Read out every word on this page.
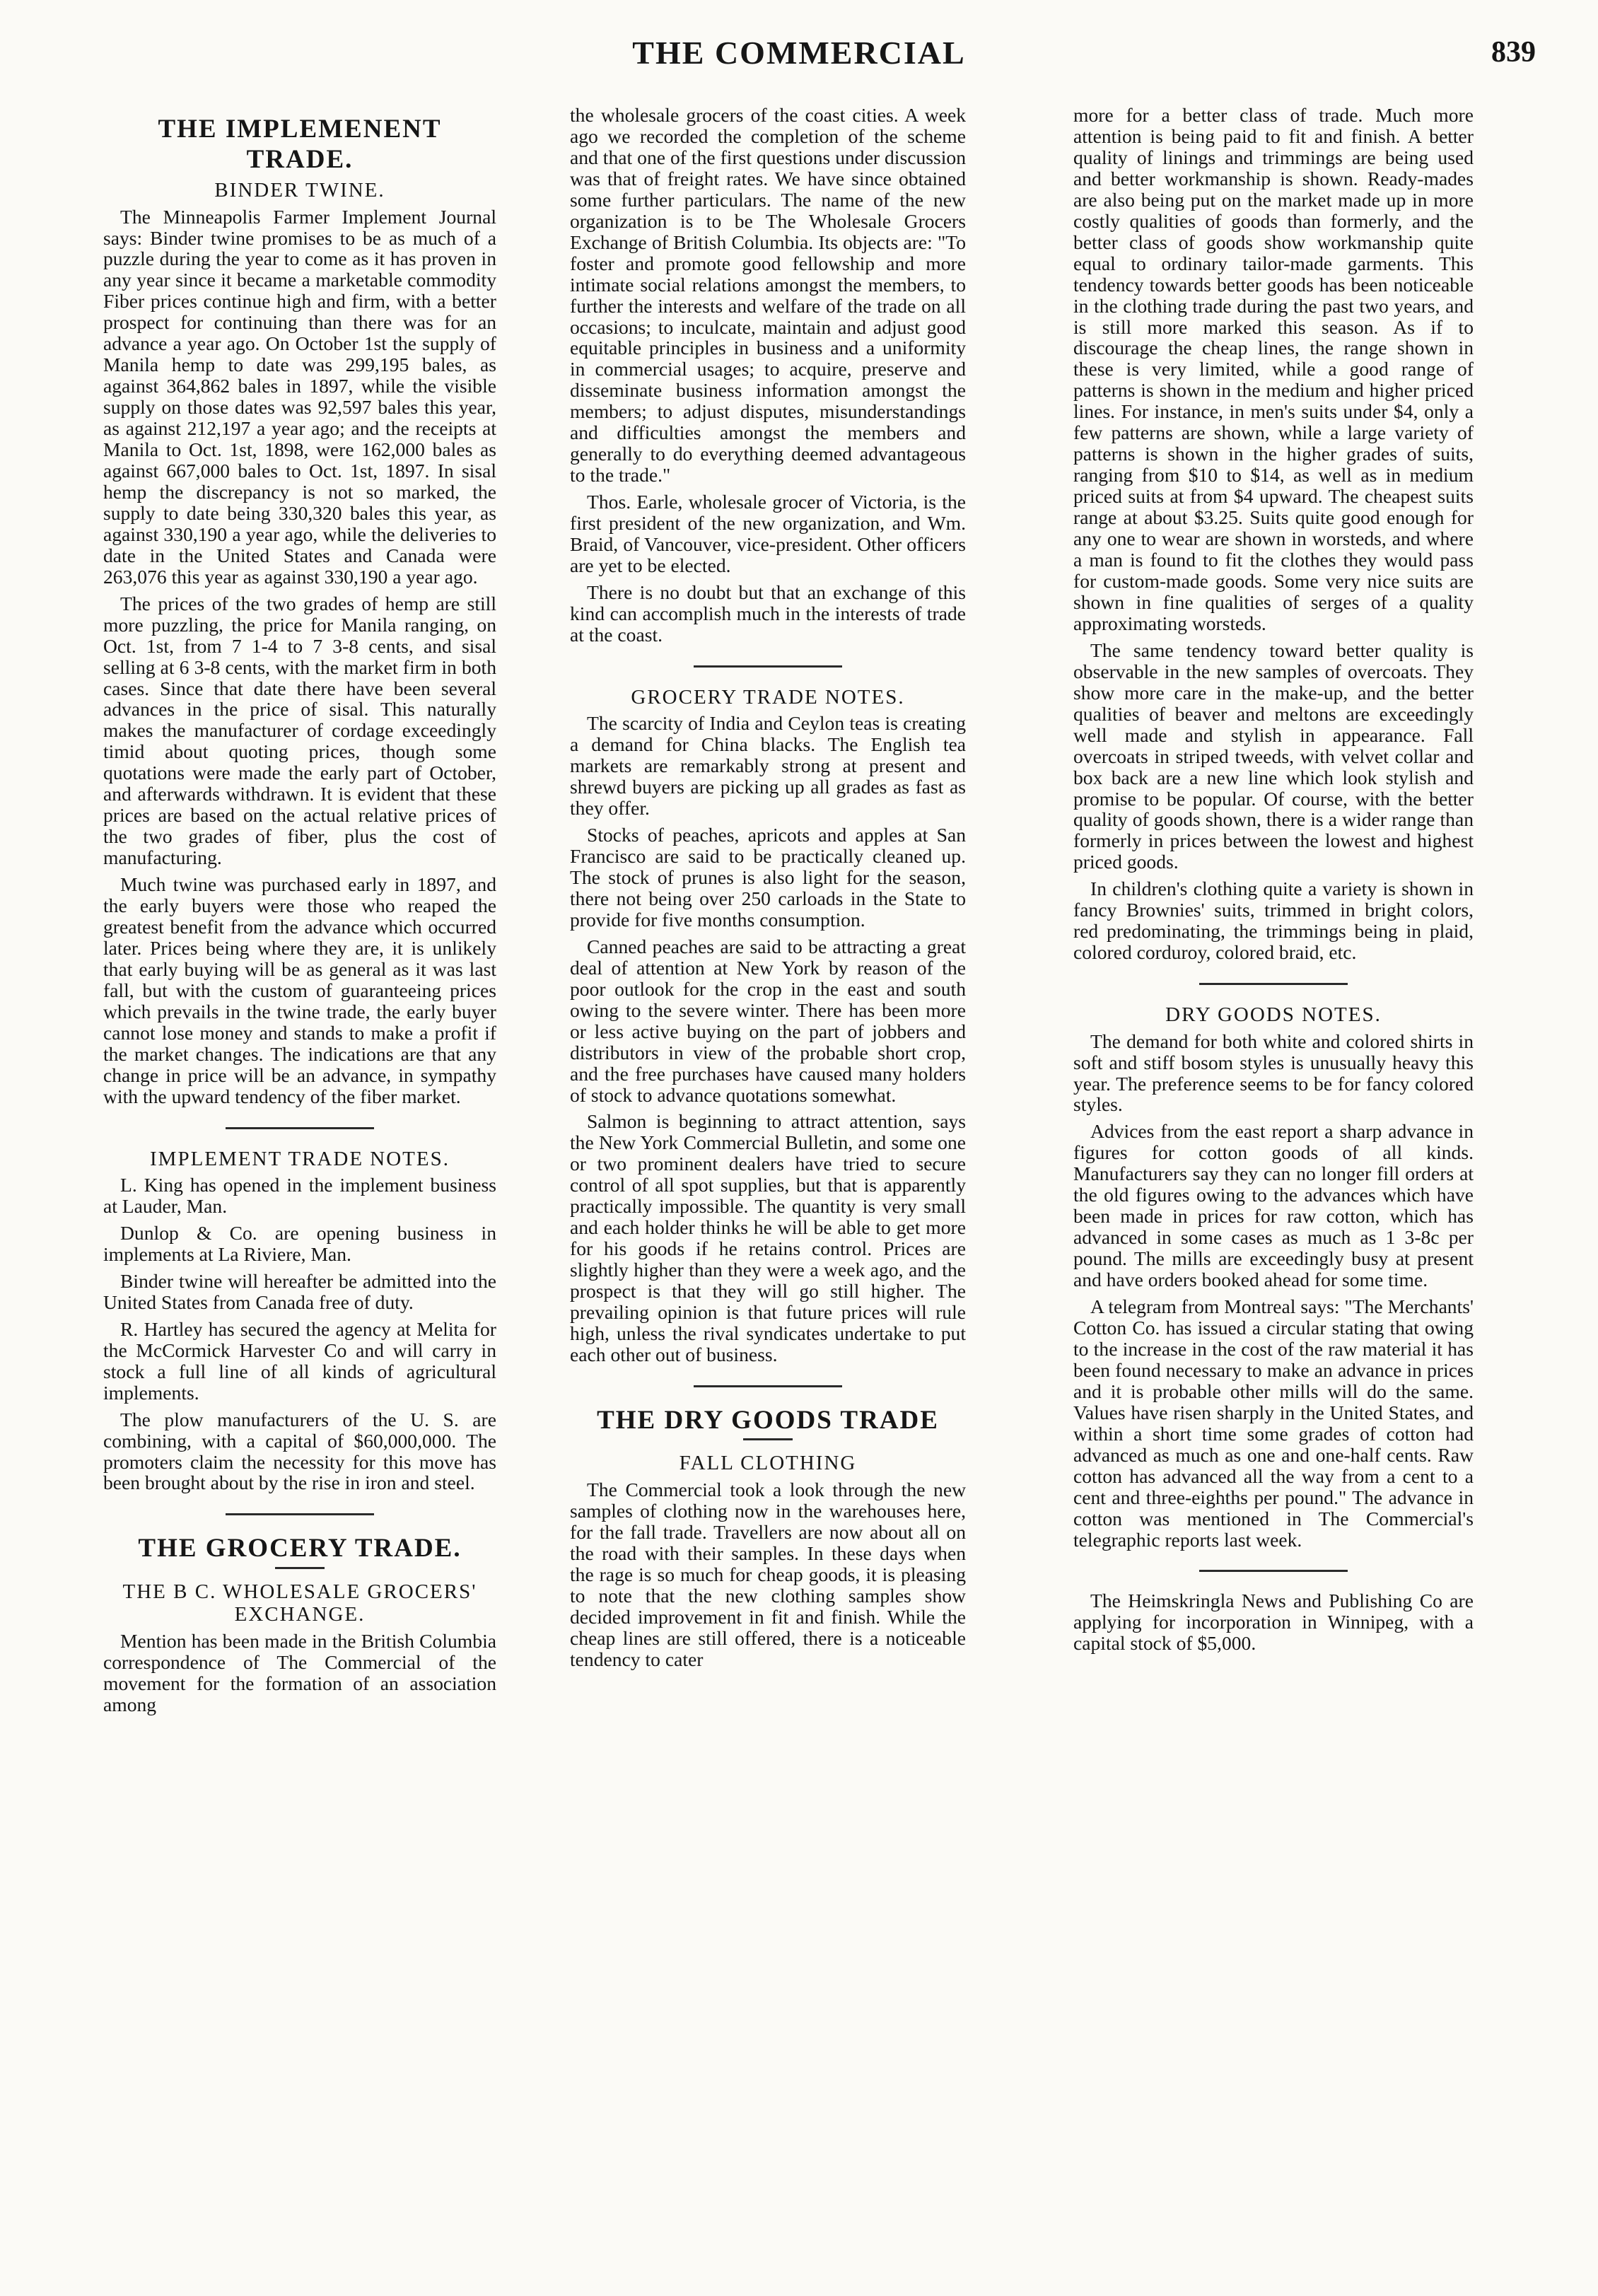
THE COMMERCIAL	839
THE IMPLEMENENT TRADE.
BINDER TWINE.

The Minneapolis Farmer Implement Journal says: Binder twine promises to be as much of a puzzle during the year to come as it has proven in any year since it became a marketable commodity Fiber prices continue high and firm, with a better prospect for continuing than there was for an advance a year ago. On October 1st the supply of Manila hemp to date was 299,195 bales, as against 364,862 bales in 1897, while the visible supply on those dates was 92,597 bales this year, as against 212,197 a year ago; and the receipts at Manila to Oct. 1st, 1898, were 162,000 bales as against 667,000 bales to Oct. 1st, 1897. In sisal hemp the discrepancy is not so marked, the supply to date being 330,320 bales this year, as against 330,190 a year ago, while the deliveries to date in the United States and Canada were 263,076 this year as against 330,190 a year ago.

The prices of the two grades of hemp are still more puzzling, the price for Manila ranging, on Oct. 1st, from 7 1-4 to 7 3-8 cents, and sisal selling at 6 3-8 cents, with the market firm in both cases. Since that date there have been several advances in the price of sisal. This naturally makes the manufacturer of cordage exceedingly timid about quoting prices, though some quotations were made the early part of October, and afterwards withdrawn. It is evident that these prices are based on the actual relative prices of the two grades of fiber, plus the cost of manufacturing.

Much twine was purchased early in 1897, and the early buyers were those who reaped the greatest benefit from the advance which occurred later. Prices being where they are, it is unlikely that early buying will be as general as it was last fall, but with the custom of guaranteeing prices which prevails in the twine trade, the early buyer cannot lose money and stands to make a profit if the market changes. The indications are that any change in price will be an advance, in sympathy with the upward tendency of the fiber market.

IMPLEMENT TRADE NOTES.

L. King has opened in the implement business at Lauder, Man.

Dunlop & Co. are opening business in implements at La Riviere, Man.

Binder twine will hereafter be admitted into the United States from Canada free of duty.

R. Hartley has secured the agency at Melita for the McCormick Harvester Co and will carry in stock a full line of all kinds of agricultural implements.

The plow manufacturers of the U. S. are combining, with a capital of $60,000,000. The promoters claim the necessity for this move has been brought about by the rise in iron and steel.

THE GROCERY TRADE.
THE B C. WHOLESALE GROCERS' EXCHANGE.

Mention has been made in the British Columbia correspondence of The Commercial of the movement for the formation of an association among

the wholesale grocers of the coast cities. A week ago we recorded the completion of the scheme and that one of the first questions under discussion was that of freight rates. We have since obtained some further particulars. The name of the new organization is to be The Wholesale Grocers Exchange of British Columbia. Its objects are: "To foster and promote good fellowship and more intimate social relations amongst the members, to further the interests and welfare of the trade on all occasions; to inculcate, maintain and adjust good equitable principles in business and a uniformity in commercial usages; to acquire, preserve and disseminate business information amongst the members; to adjust disputes, misunderstandings and difficulties amongst the members and generally to do everything deemed advantageous to the trade."

Thos. Earle, wholesale grocer of Victoria, is the first president of the new organization, and Wm. Braid, of Vancouver, vice-president. Other officers are yet to be elected.

There is no doubt but that an exchange of this kind can accomplish much in the interests of trade at the coast.

GROCERY TRADE NOTES.

The scarcity of India and Ceylon teas is creating a demand for China blacks. The English tea markets are remarkably strong at present and shrewd buyers are picking up all grades as fast as they offer.

Stocks of peaches, apricots and apples at San Francisco are said to be practically cleaned up. The stock of prunes is also light for the season, there not being over 250 carloads in the State to provide for five months consumption.

Canned peaches are said to be attracting a great deal of attention at New York by reason of the poor outlook for the crop in the east and south owing to the severe winter. There has been more or less active buying on the part of jobbers and distributors in view of the probable short crop, and the free purchases have caused many holders of stock to advance quotations somewhat.

Salmon is beginning to attract attention, says the New York Commercial Bulletin, and some one or two prominent dealers have tried to secure control of all spot supplies, but that is apparently practically impossible. The quantity is very small and each holder thinks he will be able to get more for his goods if he retains control. Prices are slightly higher than they were a week ago, and the prospect is that they will go still higher. The prevailing opinion is that future prices will rule high, unless the rival syndicates undertake to put each other out of business.

THE DRY GOODS TRADE
FALL CLOTHING

The Commercial took a look through the new samples of clothing now in the warehouses here, for the fall trade. Travellers are now about all on the road with their samples. In these days when the rage is so much for cheap goods, it is pleasing to note that the new clothing samples show decided improvement in fit and finish. While the cheap lines are still offered, there is a noticeable tendency to cater

more for a better class of trade. Much more attention is being paid to fit and finish. A better quality of linings and trimmings are being used and better workmanship is shown. Ready-mades are also being put on the market made up in more costly qualities of goods than formerly, and the better class of goods show workmanship quite equal to ordinary tailor-made garments. This tendency towards better goods has been noticeable in the clothing trade during the past two years, and is still more marked this season. As if to discourage the cheap lines, the range shown in these is very limited, while a good range of patterns is shown in the medium and higher priced lines. For instance, in men's suits under $4, only a few patterns are shown, while a large variety of patterns is shown in the higher grades of suits, ranging from $10 to $14, as well as in medium priced suits at from $4 upward. The cheapest suits range at about $3.25. Suits quite good enough for any one to wear are shown in worsteds, and where a man is found to fit the clothes they would pass for custom-made goods. Some very nice suits are shown in fine qualities of serges of a quality approximating worsteds.

The same tendency toward better quality is observable in the new samples of overcoats. They show more care in the make-up, and the better qualities of beaver and meltons are exceedingly well made and stylish in appearance. Fall overcoats in striped tweeds, with velvet collar and box back are a new line which look stylish and promise to be popular. Of course, with the better quality of goods shown, there is a wider range than formerly in prices between the lowest and highest priced goods.

In children's clothing quite a variety is shown in fancy Brownies' suits, trimmed in bright colors, red predominating, the trimmings being in plaid, colored corduroy, colored braid, etc.

DRY GOODS NOTES.

The demand for both white and colored shirts in soft and stiff bosom styles is unusually heavy this year. The preference seems to be for fancy colored styles.

Advices from the east report a sharp advance in figures for cotton goods of all kinds. Manufacturers say they can no longer fill orders at the old figures owing to the advances which have been made in prices for raw cotton, which has advanced in some cases as much as 1 3-8c per pound. The mills are exceedingly busy at present and have orders booked ahead for some time.

A telegram from Montreal says: "The Merchants' Cotton Co. has issued a circular stating that owing to the increase in the cost of the raw material it has been found necessary to make an advance in prices and it is probable other mills will do the same. Values have risen sharply in the United States, and within a short time some grades of cotton had advanced as much as one and one-half cents. Raw cotton has advanced all the way from a cent to a cent and three-eighths per pound." The advance in cotton was mentioned in The Commercial's telegraphic reports last week.

The Heimskringla News and Publishing Co are applying for incorporation in Winnipeg, with a capital stock of $5,000.
